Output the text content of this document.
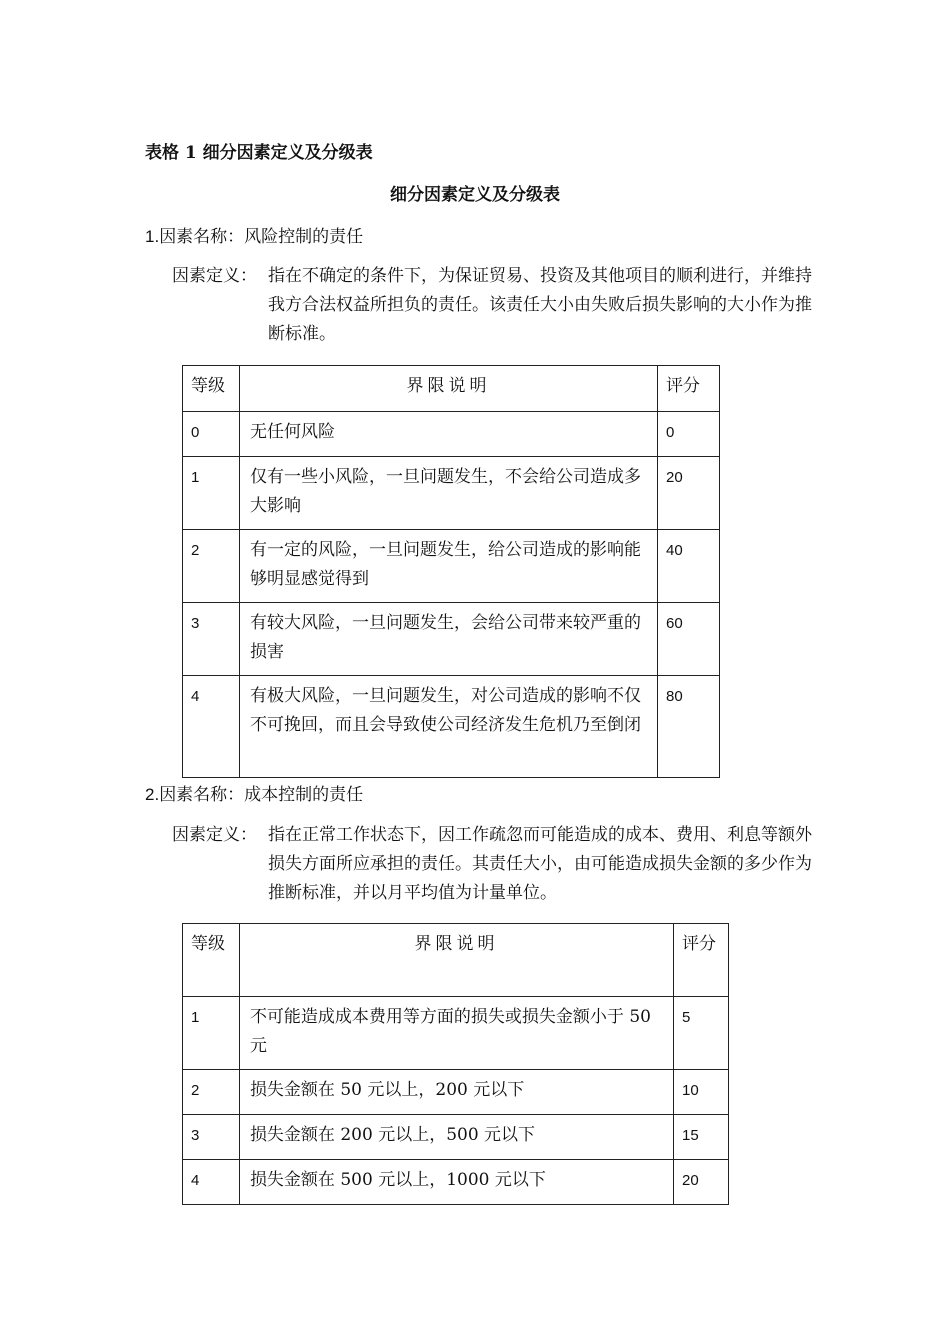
表格 1 细分因素定义及分级表
细分因素定义及分级表
1.因素名称：风险控制的责任
因素定义： 指在不确定的条件下，为保证贸易、投资及其他项目的顺利进行，并维持我方合法权益所担负的责任。该责任大小由失败后损失影响的大小作为推断标准。
等级	界限说明	评分
0	无任何风险	0
1	仅有一些小风险，一旦问题发生，不会给公司造成多大影响	20
2	有一定的风险，一旦问题发生，给公司造成的影响能够明显感觉得到	40
3	有较大风险，一旦问题发生，会给公司带来较严重的损害	60
4	有极大风险，一旦问题发生，对公司造成的影响不仅不可挽回，而且会导致使公司经济发生危机乃至倒闭	80
2.因素名称：成本控制的责任
因素定义： 指在正常工作状态下，因工作疏忽而可能造成的成本、费用、利息等额外损失方面所应承担的责任。其责任大小，由可能造成损失金额的多少作为推断标准，并以月平均值为计量单位。
等级	界限说明	评分
1	不可能造成成本费用等方面的损失或损失金额小于 50 元	5
2	损失金额在 50 元以上，200 元以下	10
3	损失金额在 200 元以上，500 元以下	15
4	损失金额在 500 元以上，1000 元以下	20
